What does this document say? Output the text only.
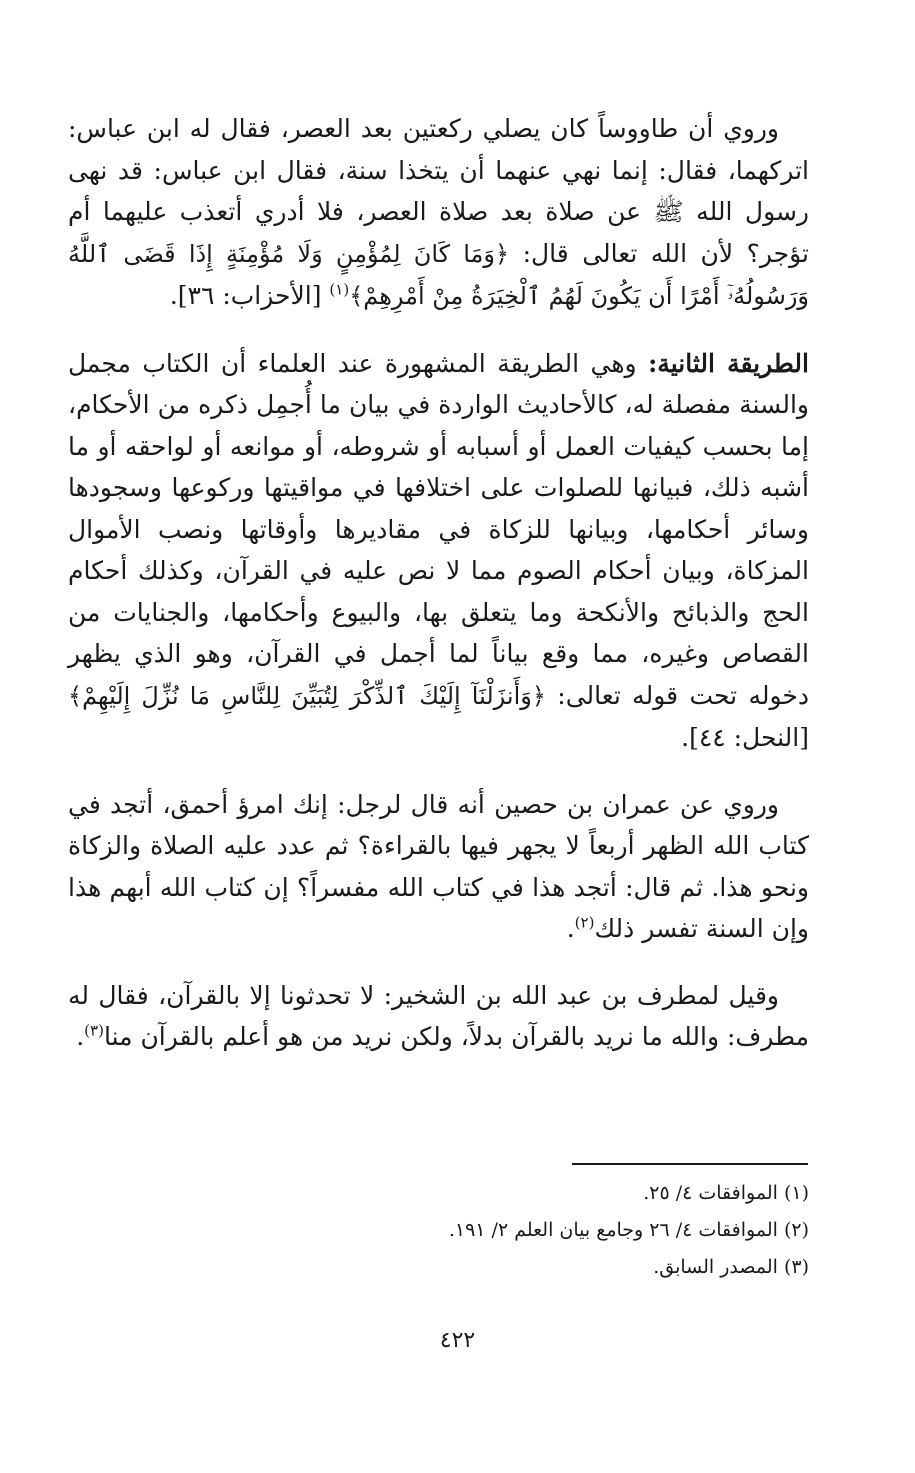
وروي أن طاووساً كان يصلي ركعتين بعد العصر، فقال له ابن عباس: اتركهما، فقال: إنما نهي عنهما أن يتخذا سنة، فقال ابن عباس: قد نهى رسول الله ﷺ عن صلاة بعد صلاة العصر، فلا أدري أتعذب عليهما أم تؤجر؟ لأن الله تعالى قال: ﴿وَمَا كَانَ لِمُؤْمِنٍ وَلَا مُؤْمِنَةٍ إِذَا قَضَى ٱللَّهُ وَرَسُولُهُۥٓ أَمْرًا أَن يَكُونَ لَهُمُ ٱلْخِيَرَةُ مِنْ أَمْرِهِمْ﴾$^{(١)}$ [الأحزاب: ٣٦].

الطريقة الثانية: وهي الطريقة المشهورة عند العلماء أن الكتاب مجمل والسنة مفصلة له، كالأحاديث الواردة في بيان ما أُجمِل ذكره من الأحكام، إما بحسب كيفيات العمل أو أسبابه أو شروطه، أو موانعه أو لواحقه أو ما أشبه ذلك، فبيانها للصلوات على اختلافها في مواقيتها وركوعها وسجودها وسائر أحكامها، وبيانها للزكاة في مقاديرها وأوقاتها ونصب الأموال المزكاة، وبيان أحكام الصوم مما لا نص عليه في القرآن، وكذلك أحكام الحج والذبائح والأنكحة وما يتعلق بها، والبيوع وأحكامها، والجنايات من القصاص وغيره، مما وقع بياناً لما أجمل في القرآن، وهو الذي يظهر دخوله تحت قوله تعالى: ﴿وَأَنزَلْنَآ إِلَيْكَ ٱلذِّكْرَ لِتُبَيِّنَ لِلنَّاسِ مَا نُزِّلَ إِلَيْهِمْ﴾ [النحل: ٤٤].

وروي عن عمران بن حصين أنه قال لرجل: إنك امرؤ أحمق، أتجد في كتاب الله الظهر أربعاً لا يجهر فيها بالقراءة؟ ثم عدد عليه الصلاة والزكاة ونحو هذا. ثم قال: أتجد هذا في كتاب الله مفسراً؟ إن كتاب الله أبهم هذا وإن السنة تفسر ذلك$^{(٢)}$.

وقيل لمطرف بن عبد الله بن الشخير: لا تحدثونا إلا بالقرآن، فقال له مطرف: والله ما نريد بالقرآن بدلاً، ولكن نريد من هو أعلم بالقرآن منا$^{(٣)}$.

(١) الموافقات ٤/ ٢٥.

(٢) الموافقات ٤/ ٢٦ وجامع بيان العلم ٢/ ١٩١.

(٣) المصدر السابق.

٤٢٢
